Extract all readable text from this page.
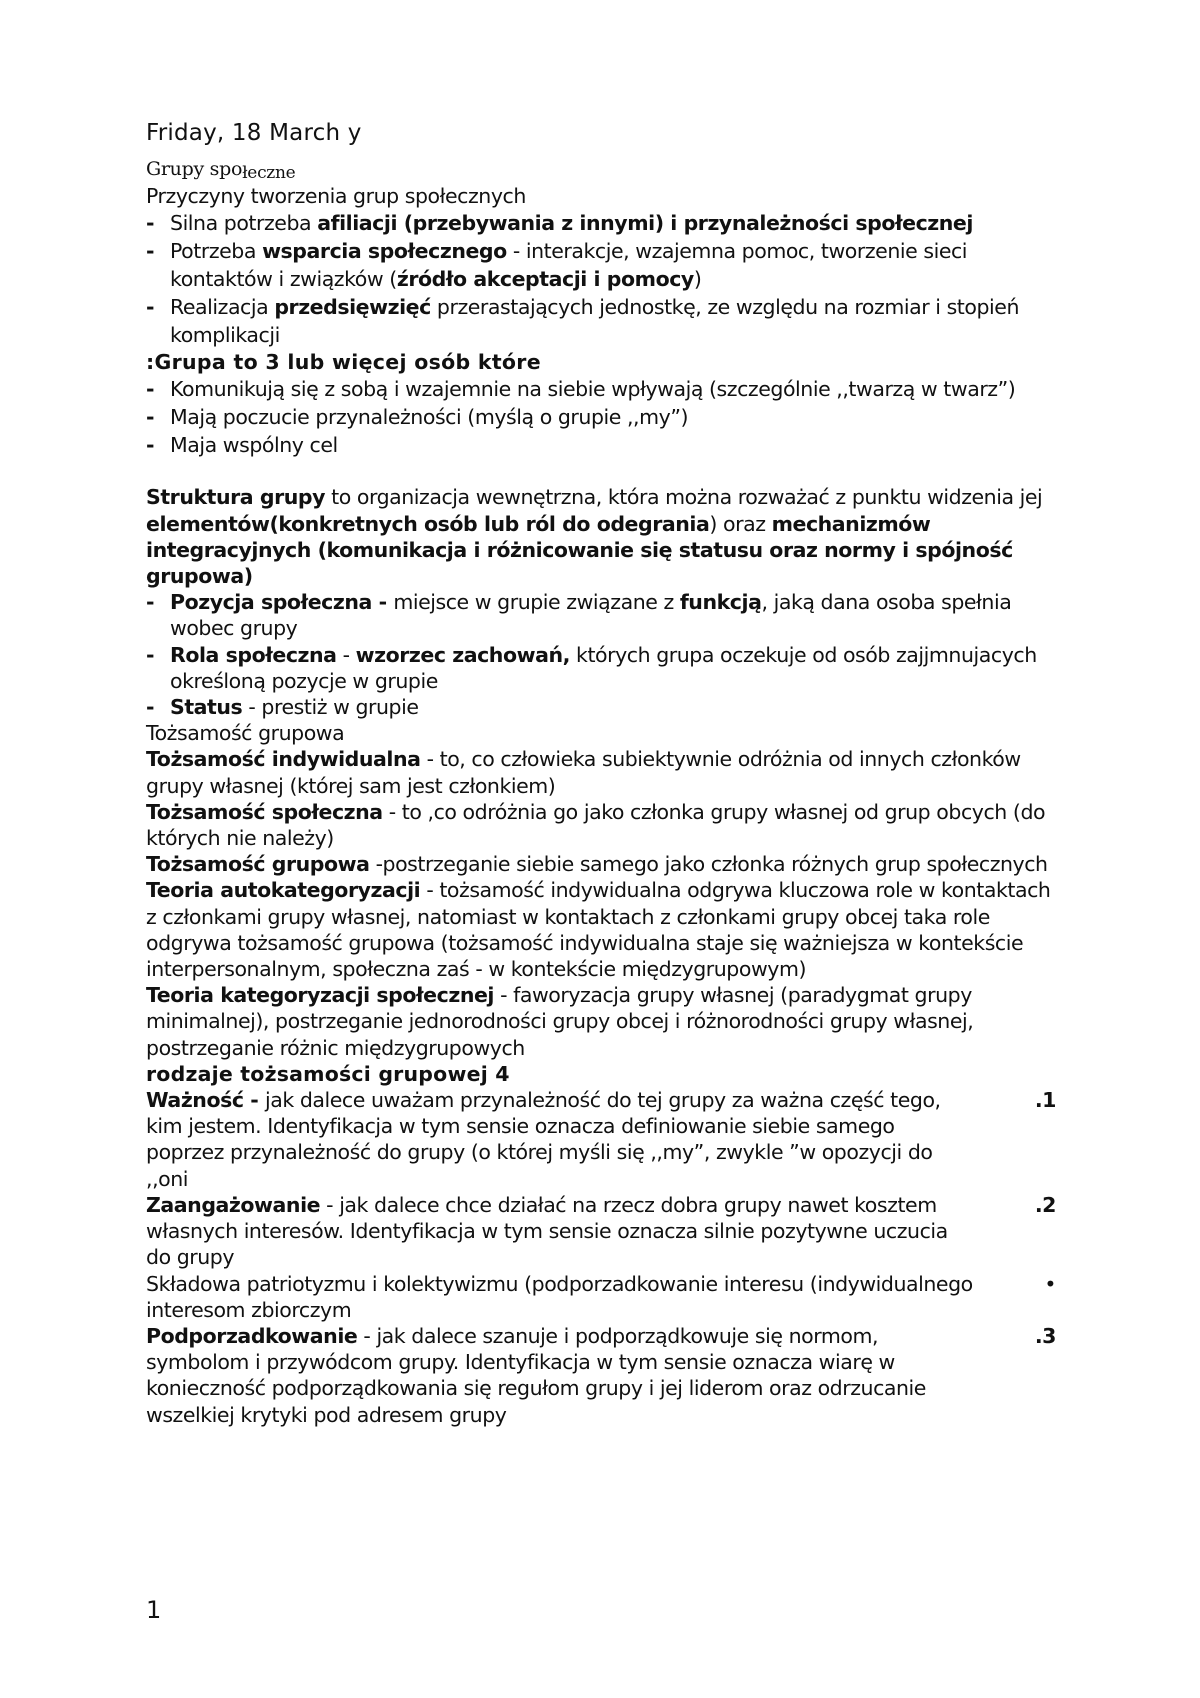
Friday, 18 March y
Grupy społeczne
Przyczyny tworzenia grup społecznych
- Silna potrzeba afiliacji (przebywania z innymi) i przynależności społecznej
- Potrzeba wsparcia społecznego - interakcje, wzajemna pomoc, tworzenie sieci kontaktów i związków (źródło akceptacji i pomocy)
- Realizacja przedsięwzięć przerastających jednostkę, ze względu na rozmiar i stopień komplikacji
:Grupa to 3 lub więcej osób które
- Komunikują się z sobą i wzajemnie na siebie wpływają (szczególnie ,,twarzą w twarz”)
- Mają poczucie przynależności (myślą o grupie ,,my”)
- Maja wspólny cel
Struktura grupy to organizacja wewnętrzna, która można rozważać z punktu widzenia jej elementów(konkretnych osób lub ról do odegrania) oraz mechanizmów integracyjnych (komunikacja i różnicowanie się statusu oraz normy i spójność grupowa)
- Pozycja społeczna - miejsce w grupie związane z funkcją, jaką dana osoba spełnia wobec grupy
- Rola społeczna - wzorzec zachowań, których grupa oczekuje od osób zajjmnujacych określoną pozycje w grupie
- Status - prestiż w grupie
Tożsamość grupowa
Tożsamość indywidualna - to, co człowieka subiektywnie odróżnia od innych członków grupy własnej (której sam jest członkiem)
Tożsamość społeczna - to ,co odróżnia go jako członka grupy własnej od grup obcych (do których nie należy)
Tożsamość grupowa -postrzeganie siebie samego jako członka różnych grup społecznych
Teoria autokategoryzacji - tożsamość indywidualna odgrywa kluczowa role w kontaktach z członkami grupy własnej, natomiast w kontaktach z członkami grupy obcej taka role odgrywa tożsamość grupowa (tożsamość indywidualna staje się ważniejsza w kontekście interpersonalnym, społeczna zaś - w kontekście międzygrupowym)
Teoria kategoryzacji społecznej - faworyzacja grupy własnej (paradygmat grupy minimalnej), postrzeganie jednorodności grupy obcej i różnorodności grupy własnej, postrzeganie różnic międzygrupowych
rodzaje tożsamości grupowej 4
Ważność - jak dalece uważam przynależność do tej grupy za ważna część tego, kim jestem. Identyfikacja w tym sensie oznacza definiowanie siebie samego poprzez przynależność do grupy (o której myśli się ,,my”, zwykle ”w opozycji do ,,oni
.1
Zaangażowanie - jak dalece chce działać na rzecz dobra grupy nawet kosztem własnych interesów. Identyfikacja w tym sensie oznacza silnie pozytywne uczucia do grupy
.2
Składowa patriotyzmu i kolektywizmu (podporzadkowanie interesu (indywidualnego interesom zbiorczym
•
Podporzadkowanie - jak dalece szanuje i podporządkowuje się normom, symbolom i przywódcom grupy. Identyfikacja w tym sensie oznacza wiarę w konieczność podporządkowania się regułom grupy i jej liderom oraz odrzucanie wszelkiej krytyki pod adresem grupy
.3
1
